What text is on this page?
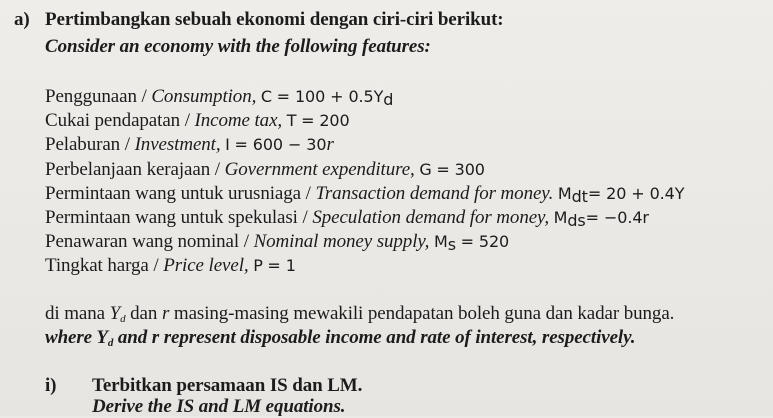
a) Pertimbangkan sebuah ekonomi dengan ciri-ciri berikut:
Consider an economy with the following features:
Penggunaan / Consumption, $C = 100 + 0.5Y_d$
Cukai pendapatan / Income tax, T = 200
Pelaburan / Investment, I = 600 − 30r
Perbelanjaan kerajaan / Government expenditure, G = 300
Permintaan wang untuk urusniaga / Transaction demand for money. $M_{dt}= 20 + 0.4Y$
Permintaan wang untuk spekulasi / Speculation demand for money, $M_{ds}= -0.4r$
Penawaran wang nominal / Nominal money supply, $M_s = 520$
Tingkat harga / Price level, P = 1
di mana $Y_d$ dan r masing-masing mewakili pendapatan boleh guna dan kadar bunga.
where $Y_d$ and r represent disposable income and rate of interest, respectively.
i) Terbitkan persamaan IS dan LM.
Derive the IS and LM equations.
